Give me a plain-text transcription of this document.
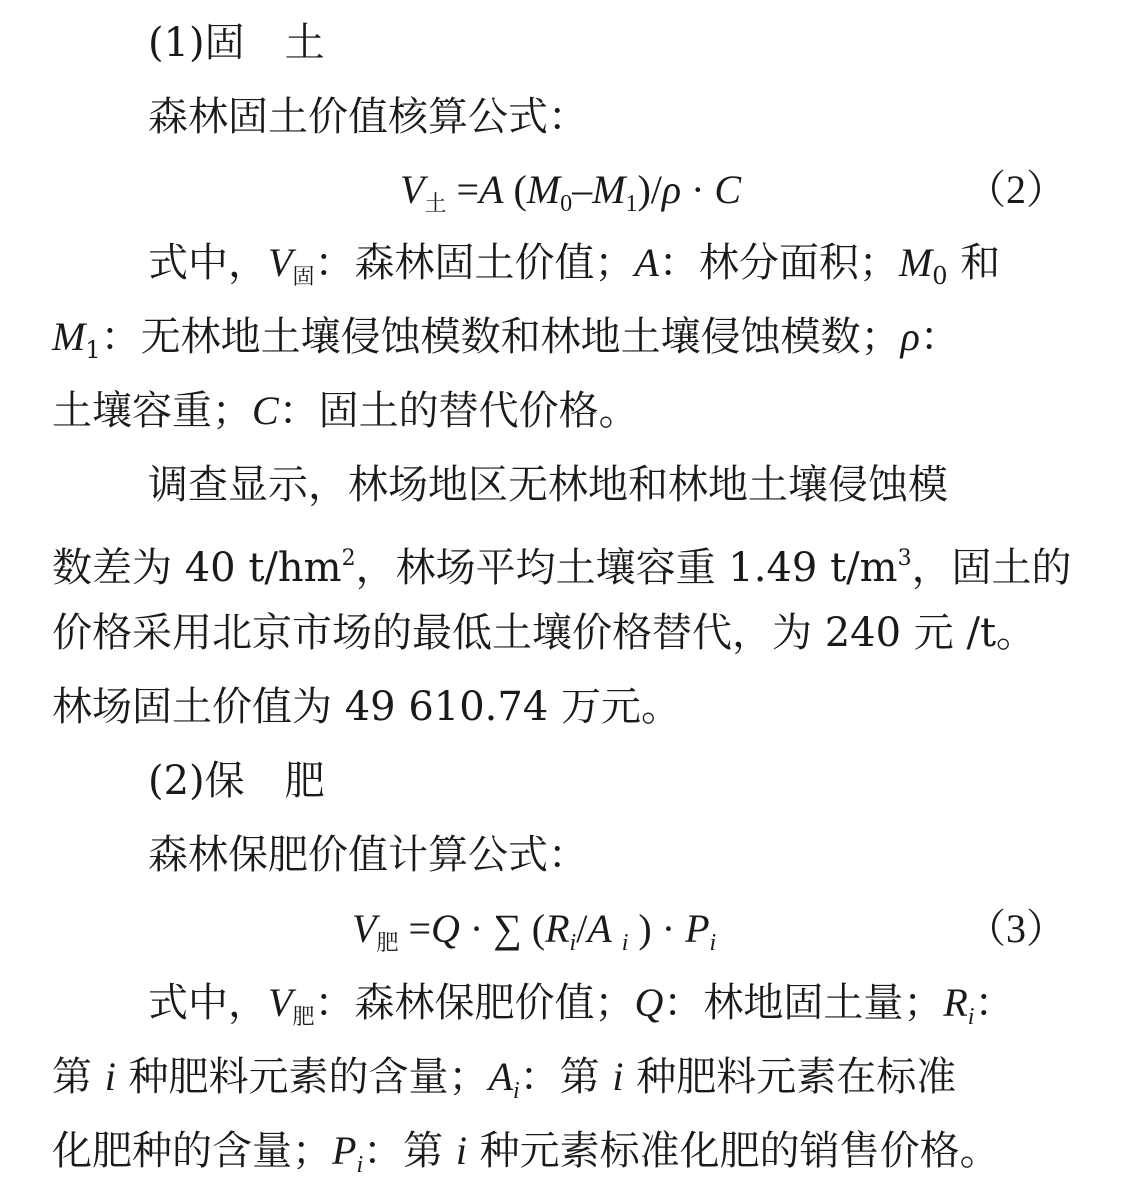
(1)固　土
森林固土价值核算公式：
$V_土 =A$ $(M_0-M_1)/\rho \cdot C$	（2）
式中，$V_固$：森林固土价值；A：林分面积；$M_0$ 和
$M_1$：无林地土壤侵蚀模数和林地土壤侵蚀模数；ρ：
土壤容重；C：固土的替代价格。
调查显示，林场地区无林地和林地土壤侵蚀模
数差为 40 $t/hm^2$，林场平均土壤容重 1.49 $t/m^3$，固土的
价格采用北京市场的最低土壤价格替代，为 240 元 /t。
林场固土价值为 49 610.74 万元。
(2)保　肥
森林保肥价值计算公式：
$V_肥 =Q$ · ∑ ($R_i/A$ $_i$ ) · $P_i$	（3）
式中，$V_肥$：森林保肥价值；Q：林地固土量；$R_i$：
第 i 种肥料元素的含量；$A_i$：第 i 种肥料元素在标准
化肥种的含量；$P_i$：第 i 种元素标准化肥的销售价格。
